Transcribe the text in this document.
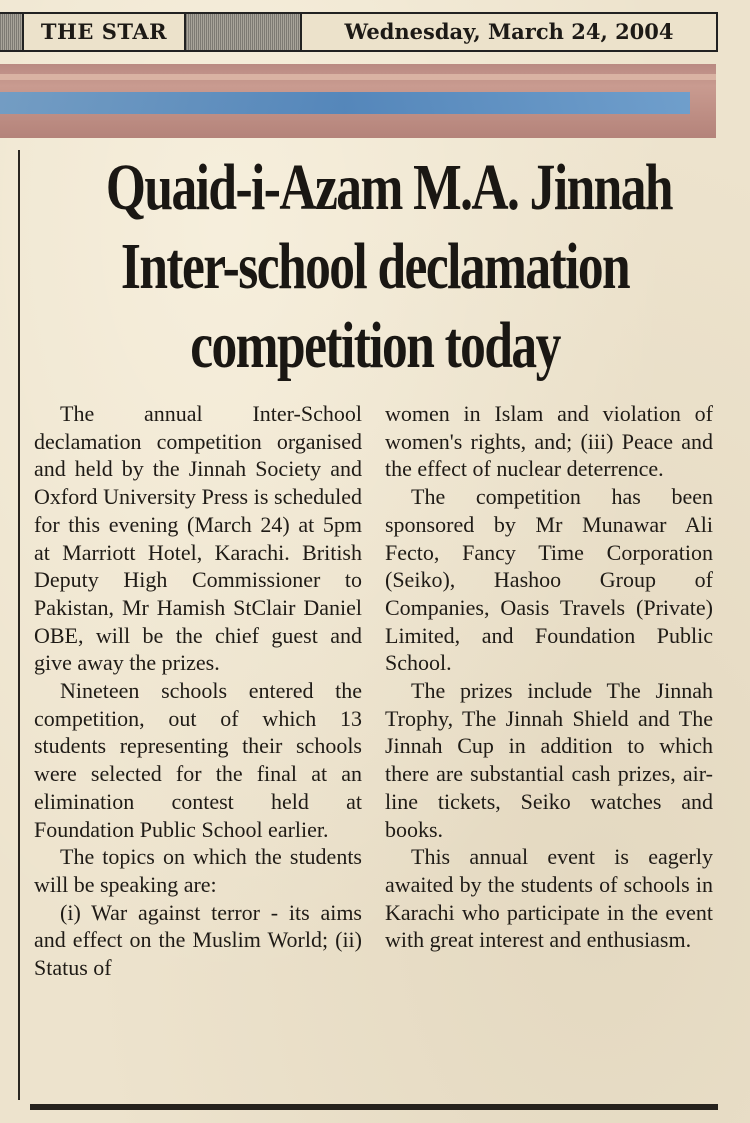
THE STAR	Wednesday, March 24, 2004
Quaid-i-Azam M.A. Jinnah
Inter-school declamation
competition today

The annual Inter-School declamation competition organised and held by the Jinnah Society and Oxford University Press is scheduled for this evening (March 24) at 5pm at Marriott Hotel, Karachi. British Deputy High Commissioner to Pakistan, Mr Hamish StClair Daniel OBE, will be the chief guest and give away the prizes.

Nineteen schools entered the competition, out of which 13 students representing their schools were selected for the final at an elimination contest held at Foundation Public School earlier.

The topics on which the students will be speaking are:

(i) War against terror - its aims and effect on the Muslim World; (ii) Status of

women in Islam and violation of women's rights, and; (iii) Peace and the effect of nuclear deterrence.

The competition has been sponsored by Mr Munawar Ali Fecto, Fancy Time Corporation (Seiko), Hashoo Group of Companies, Oasis Travels (Private) Limited, and Foundation Public School.

The prizes include The Jinnah Trophy, The Jinnah Shield and The Jinnah Cup in addition to which there are substantial cash prizes, air-line tickets, Seiko watches and books.

This annual event is eagerly awaited by the students of schools in Karachi who participate in the event with great interest and enthusiasm.
